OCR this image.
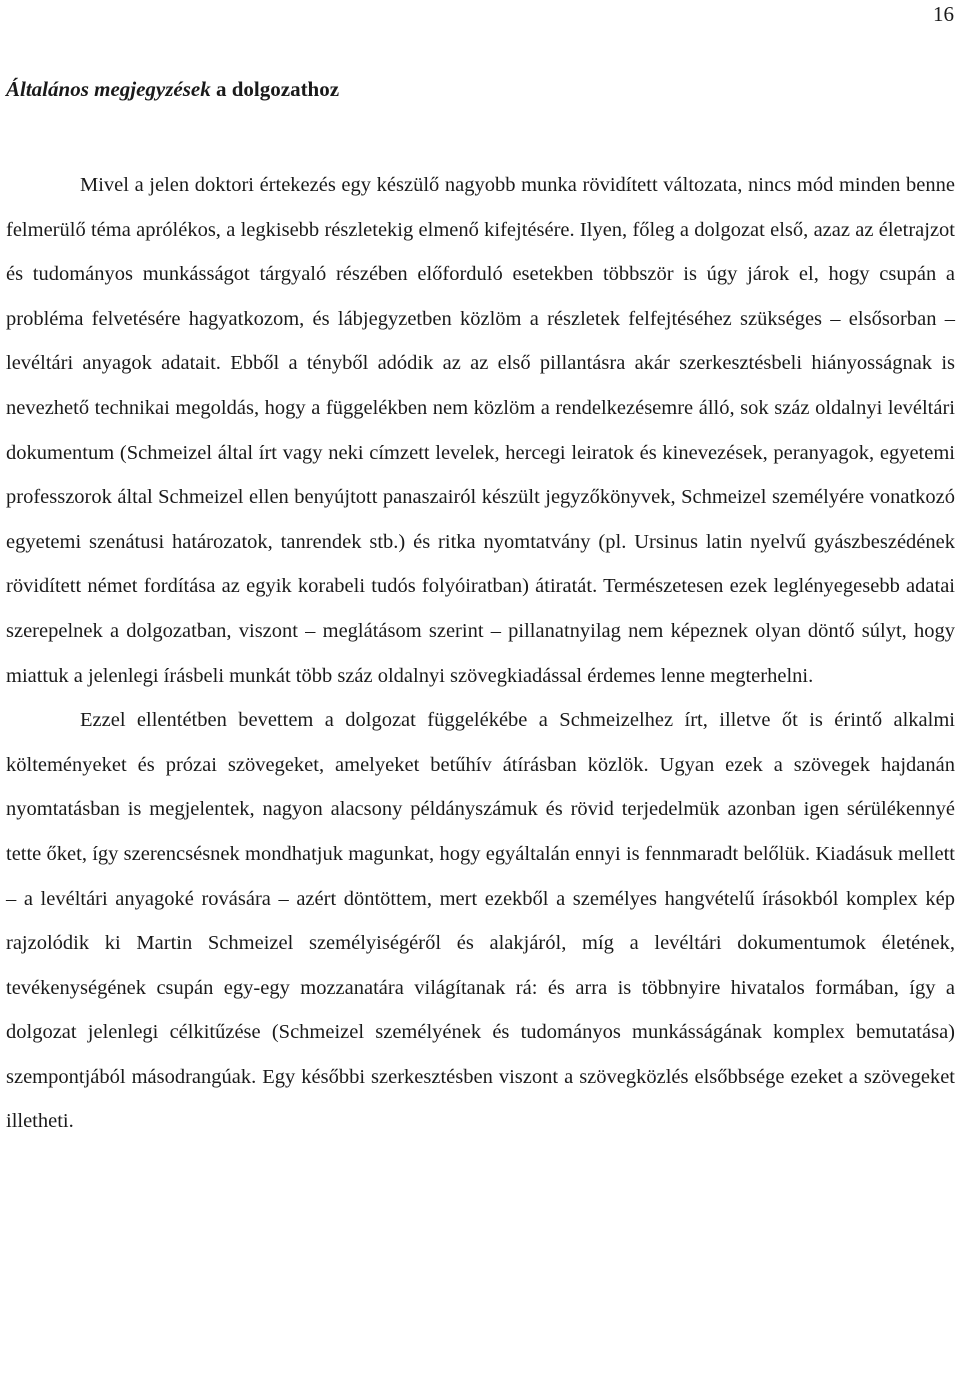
16
Általános megjegyzések a dolgozathoz

Mivel a jelen doktori értekezés egy készülő nagyobb munka rövidített változata, nincs mód minden benne felmerülő téma aprólékos, a legkisebb részletekig elmenő kifejtésére. Ilyen, főleg a dolgozat első, azaz az életrajzot és tudományos munkásságot tárgyaló részében előforduló esetekben többször is úgy járok el, hogy csupán a probléma felvetésére hagyatkozom, és lábjegyzetben közlöm a részletek felfejtéséhez szükséges – elsősorban – levéltári anyagok adatait. Ebből a tényből adódik az az első pillantásra akár szerkesztésbeli hiányosságnak is nevezhető technikai megoldás, hogy a függelékben nem közlöm a rendelkezésemre álló, sok száz oldalnyi levéltári dokumentum (Schmeizel által írt vagy neki címzett levelek, hercegi leiratok és kinevezések, peranyagok, egyetemi professzorok által Schmeizel ellen benyújtott panaszairól készült jegyzőkönyvek, Schmeizel személyére vonatkozó egyetemi szenátusi határozatok, tanrendek stb.) és ritka nyomtatvány (pl. Ursinus latin nyelvű gyászbeszédének rövidített német fordítása az egyik korabeli tudós folyóiratban) átiratát. Természetesen ezek leglényegesebb adatai szerepelnek a dolgozatban, viszont – meglátásom szerint – pillanatnyilag nem képeznek olyan döntő súlyt, hogy miattuk a jelenlegi írásbeli munkát több száz oldalnyi szövegkiadással érdemes lenne megterhelni.

Ezzel ellentétben bevettem a dolgozat függelékébe a Schmeizelhez írt, illetve őt is érintő alkalmi költeményeket és prózai szövegeket, amelyeket betűhív átírásban közlök. Ugyan ezek a szövegek hajdanán nyomtatásban is megjelentek, nagyon alacsony példányszámuk és rövid terjedelmük azonban igen sérülékennyé tette őket, így szerencsésnek mondhatjuk magunkat, hogy egyáltalán ennyi is fennmaradt belőlük. Kiadásuk mellett – a levéltári anyagoké rovására – azért döntöttem, mert ezekből a személyes hangvételű írásokból komplex kép rajzolódik ki Martin Schmeizel személyiségéről és alakjáról, míg a levéltári dokumentumok életének, tevékenységének csupán egy-egy mozzanatára világítanak rá: és arra is többnyire hivatalos formában, így a dolgozat jelenlegi célkitűzése (Schmeizel személyének és tudományos munkásságának komplex bemutatása) szempontjából másodrangúak. Egy későbbi szerkesztésben viszont a szövegközlés elsőbbsége ezeket a szövegeket illetheti.
